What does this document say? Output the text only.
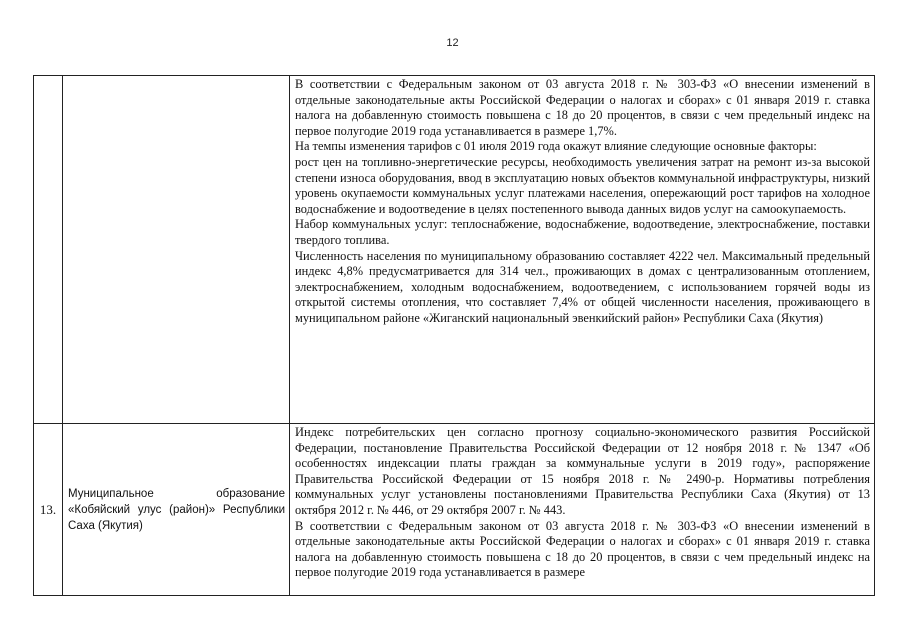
12

		В соответствии с Федеральным законом от 03 августа 2018 г. № 303-ФЗ «О внесении изменений в отдельные законодательные акты Российской Федерации о налогах и сборах» с 01 января 2019 г. ставка налога на добавленную стоимость повышена с 18 до 20 процентов, в связи с чем предельный индекс на первое полугодие 2019 года устанавливается в размере 1,7%.

На темпы изменения тарифов с 01 июля 2019 года окажут влияние следующие основные факторы:

рост цен на топливно-энергетические ресурсы, необходимость увеличения затрат на ремонт из-за высокой степени износа оборудования, ввод в эксплуатацию новых объектов коммунальной инфраструктуры, низкий уровень окупаемости коммунальных услуг платежами населения, опережающий рост тарифов на холодное водоснабжение и водоотведение в целях постепенного вывода данных видов услуг на самоокупаемость.

Набор коммунальных услуг: теплоснабжение, водоснабжение, водоотведение, электроснабжение, поставки твердого топлива.

Численность населения по муниципальному образованию составляет 4222 чел. Максимальный предельный индекс 4,8% предусматривается для 314 чел., проживающих в домах с централизованным отоплением, электроснабжением, холодным водоснабжением, водоотведением, с использованием горячей воды из открытой системы отопления, что составляет 7,4% от общей численности населения, проживающего в муниципальном районе «Жиганский национальный эвенкийский район» Республики Саха (Якутия)

13.	Муниципальное образование «Кобяйский улус (район)» Республики Саха (Якутия)	Индекс потребительских цен согласно прогнозу социально-экономического развития Российской Федерации, постановление Правительства Российской Федерации от 12 ноября 2018 г. № 1347 «Об особенностях индексации платы граждан за коммунальные услуги в 2019 году», распоряжение Правительства Российской Федерации от 15 ноября 2018 г. № 2490-р. Нормативы потребления коммунальных услуг установлены постановлениями Правительства Республики Саха (Якутия) от 13 октября 2012 г. № 446, от 29 октября 2007 г. № 443.

В соответствии с Федеральным законом от 03 августа 2018 г. № 303-ФЗ «О внесении изменений в отдельные законодательные акты Российской Федерации о налогах и сборах» с 01 января 2019 г. ставка налога на добавленную стоимость повышена с 18 до 20 процентов, в связи с чем предельный индекс на первое полугодие 2019 года устанавливается в размере
